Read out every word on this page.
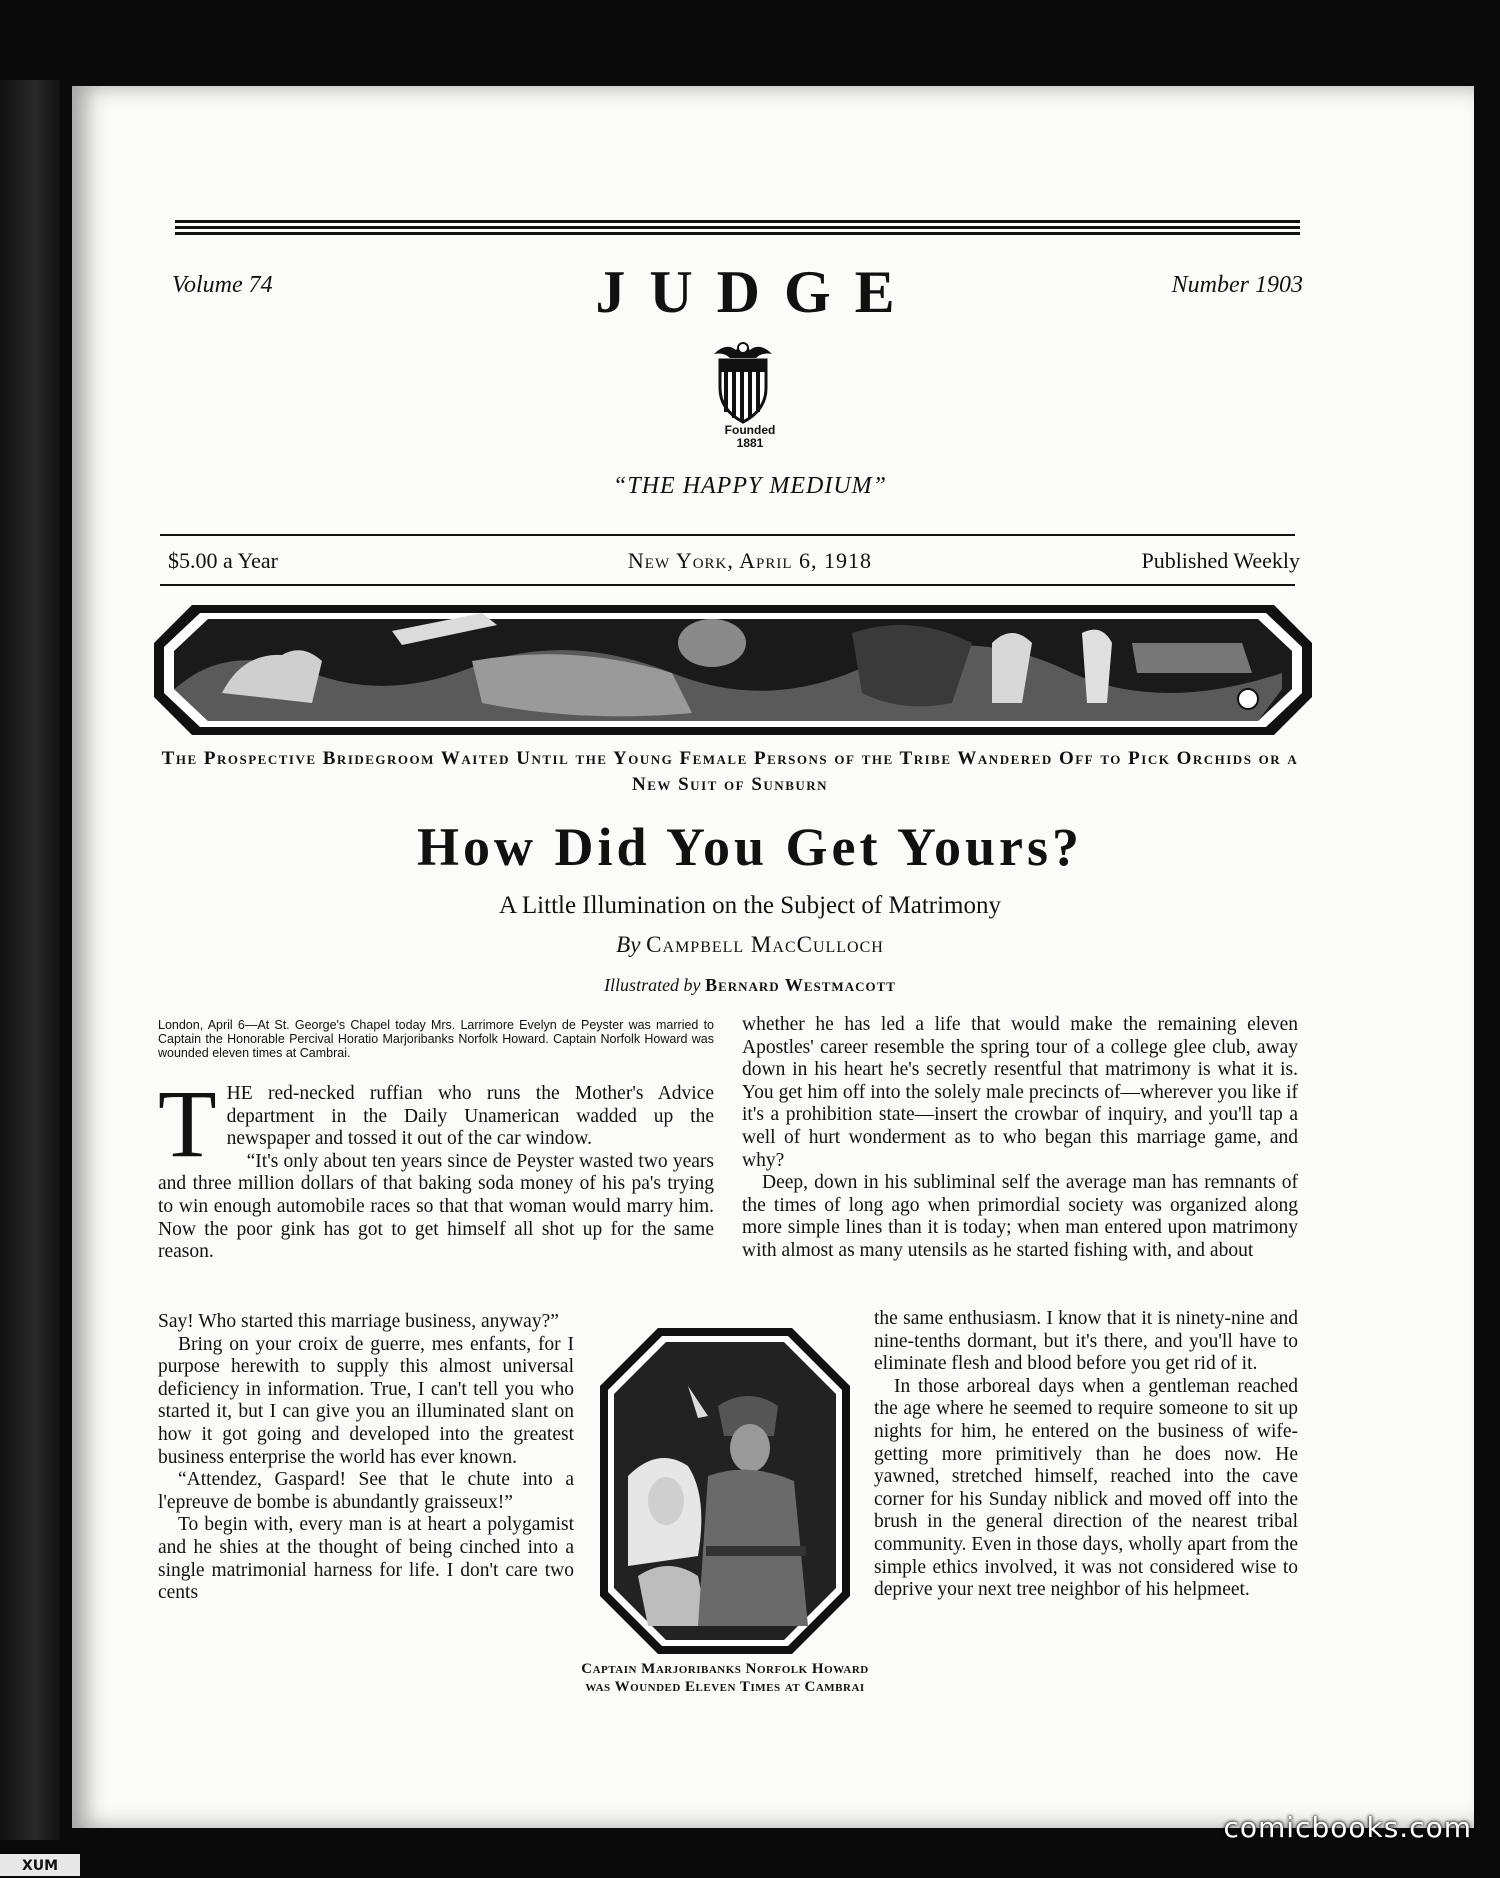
Volume 74	JUDGE	Number 1903
Founded
1881
“THE HAPPY MEDIUM”
$5.00 a Year	New York, April 6, 1918	Published Weekly
The Prospective Bridegroom Waited Until the Young Female Persons of the Tribe Wandered Off to Pick Orchids or a New Suit of Sunburn
How Did You Get Yours?
A Little Illumination on the Subject of Matrimony
By Campbell MacCulloch
Illustrated by Bernard Westmacott
London, April 6—At St. George's Chapel today Mrs. Larrimore Evelyn de Peyster was married to Captain the Honorable Percival Horatio Marjoribanks Norfolk Howard. Captain Norfolk Howard was wounded eleven times at Cambrai.

THE red-necked ruffian who runs the Mother's Advice department in the Daily Unamerican wadded up the newspaper and tossed it out of the car window.

“It's only about ten years since de Peyster wasted two years and three million dollars of that baking soda money of his pa's trying to win enough automobile races so that that woman would marry him. Now the poor gink has got to get himself all shot up for the same reason.

Say! Who started this marriage business, anyway?”

Bring on your croix de guerre, mes enfants, for I purpose herewith to supply this almost universal deficiency in information. True, I can't tell you who started it, but I can give you an illuminated slant on how it got going and developed into the greatest business enterprise the world has ever known.

“Attendez, Gaspard! See that le chute into a l'epreuve de bombe is abundantly graisseux!”

To begin with, every man is at heart a polygamist and he shies at the thought of being cinched into a single matrimonial harness for life. I don't care two cents

whether he has led a life that would make the remaining eleven Apostles' career resemble the spring tour of a college glee club, away down in his heart he's secretly resentful that matrimony is what it is. You get him off into the solely male precincts of—wherever you like if it's a prohibition state—insert the crowbar of inquiry, and you'll tap a well of hurt wonderment as to who began this marriage game, and why?

Deep, down in his subliminal self the average man has remnants of the times of long ago when primordial society was organized along more simple lines than it is today; when man entered upon matrimony with almost as many utensils as he started fishing with, and about

the same enthusiasm. I know that it is ninety-nine and nine-tenths dormant, but it's there, and you'll have to eliminate flesh and blood before you get rid of it.

In those arboreal days when a gentleman reached the age where he seemed to require someone to sit up nights for him, he entered on the business of wife-getting more primitively than he does now. He yawned, stretched himself, reached into the cave corner for his Sunday niblick and moved off into the brush in the general direction of the nearest tribal community. Even in those days, wholly apart from the simple ethics involved, it was not considered wise to deprive your next tree neighbor of his helpmeet.

Captain Marjoribanks Norfolk Howard was Wounded Eleven Times at Cambrai
comicbooks.com
XUM
